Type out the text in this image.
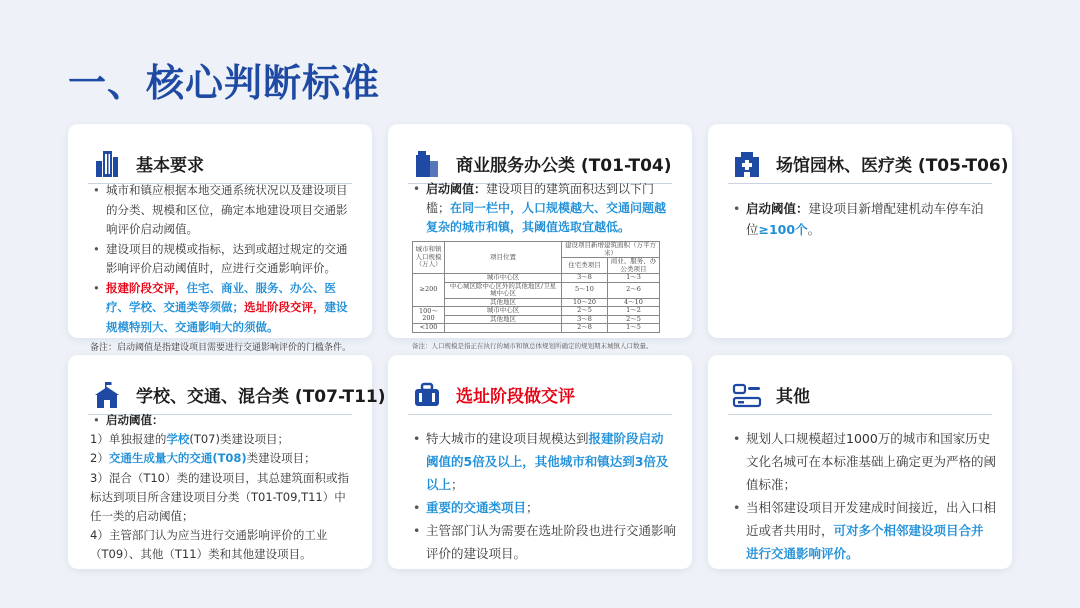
一、核心判断标准
基本要求
• 城市和镇应根据本地交通系统状况以及建设项目的分类、规模和区位，确定本地建设项目交通影响评价启动阈值。
• 建设项目的规模或指标，达到或超过规定的交通影响评价启动阈值时，应进行交通影响评价。
• 报建阶段交评，住宅、商业、服务、办公、医疗、学校、交通类等须做；选址阶段交评，建设规模特别大、交通影响大的须做。
备注：启动阈值是指建设项目需要进行交通影响评价的门槛条件。
商业服务办公类 (T01-T04)
• 启动阈值：建设项目的建筑面积达到以下门槛；在同一栏中，人口规模越大、交通问题越复杂的城市和镇，其阈值选取宜越低。
城市和镇人口规模（万人）	项目位置	建设项目新增建筑面积（万平方米）	
		住宅类项目	商业、服务、办公类项目
≥200	城市中心区	3～8	1～3
	中心城区除中心区外的其他地区/卫星城中心区	5～10	2～6
	其他地区	10～20	4～10
100～200	城市中心区	2～5	1～2
	其他地区	3～8	2～5
<100		2～8	1～5
备注：人口规模是指正在执行的城市和镇总体规划所确定的规划期末城镇人口数量。
场馆园林、医疗类 (T05-T06)
• 启动阈值：建设项目新增配建机动车停车泊位≥100个。
学校、交通、混合类 (T07-T11)
• 启动阈值：
1）单独报建的学校(T07)类建设项目；
2）交通生成量大的交通(T08)类建设项目；
3）混合（T10）类的建设项目，其总建筑面积或指标达到项目所含建设项目分类（T01-T09,T11）中任一类的启动阈值；
4）主管部门认为应当进行交通影响评价的工业（T09）、其他（T11）类和其他建设项目。
选址阶段做交评
• 特大城市的建设项目规模达到报建阶段启动阈值的5倍及以上，其他城市和镇达到3倍及以上；
• 重要的交通类项目；
• 主管部门认为需要在选址阶段也进行交通影响评价的建设项目。
其他
• 规划人口规模超过1000万的城市和国家历史文化名城可在本标准基础上确定更为严格的阈值标准；
• 当相邻建设项目开发建成时间接近，出入口相近或者共用时，可对多个相邻建设项目合并进行交通影响评价。
